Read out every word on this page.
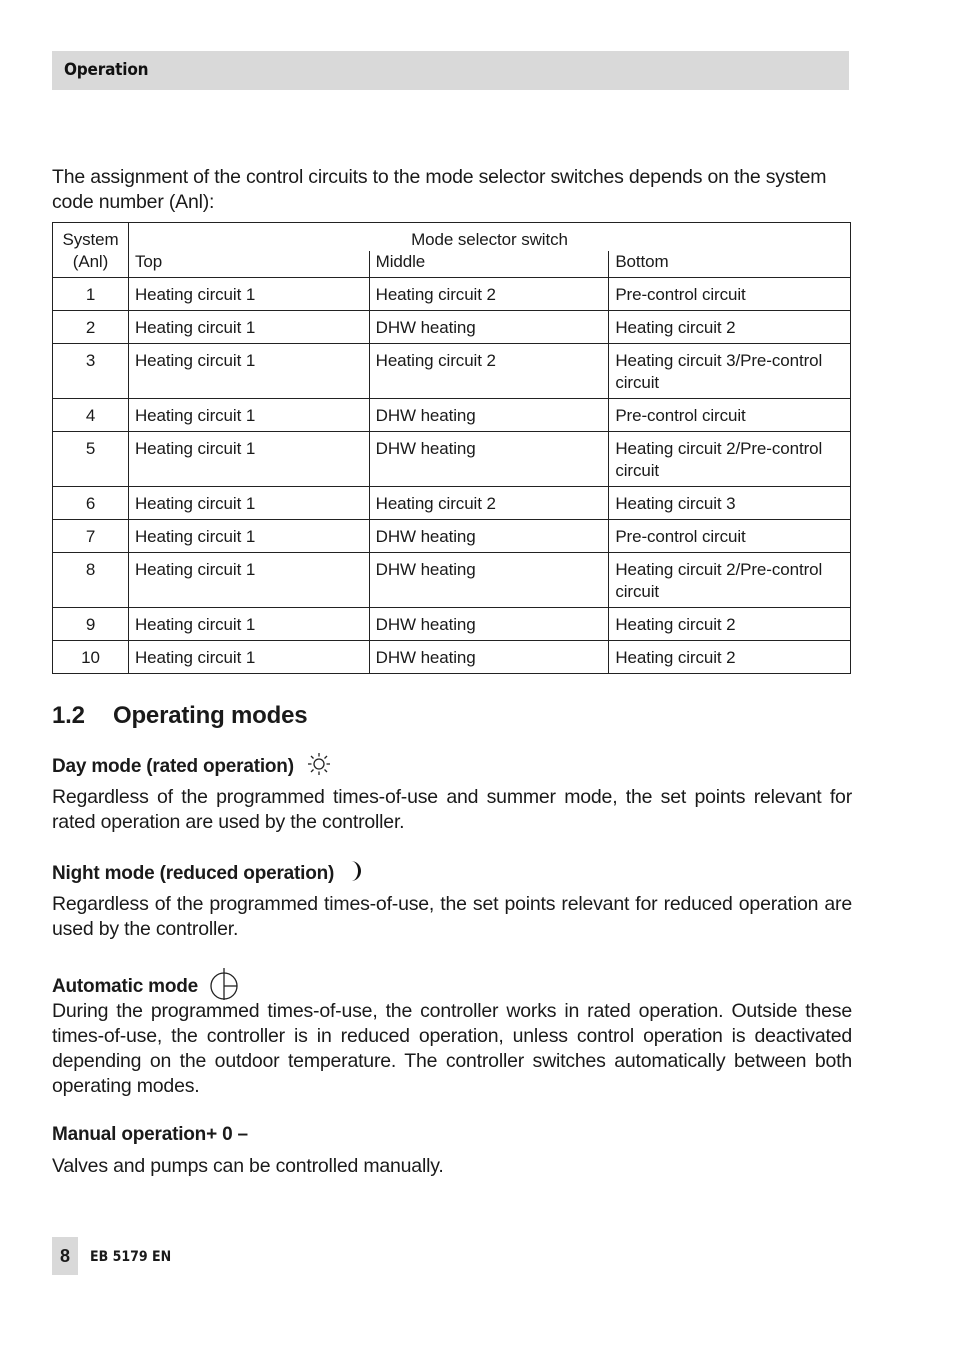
Operation
The assignment of the control circuits to the mode selector switches depends on the system code number (Anl):
System
(Anl)	Mode selector switch		
	Top	Middle	Bottom
1	Heating circuit 1	Heating circuit 2	Pre-control circuit
2	Heating circuit 1	DHW heating	Heating circuit 2
3	Heating circuit 1	Heating circuit 2	Heating circuit 3/Pre-control circuit
4	Heating circuit 1	DHW heating	Pre-control circuit
5	Heating circuit 1	DHW heating	Heating circuit 2/Pre-control circuit
6	Heating circuit 1	Heating circuit 2	Heating circuit 3
7	Heating circuit 1	DHW heating	Pre-control circuit
8	Heating circuit 1	DHW heating	Heating circuit 2/Pre-control circuit
9	Heating circuit 1	DHW heating	Heating circuit 2
10	Heating circuit 1	DHW heating	Heating circuit 2
1.2 Operating modes
Day mode (rated operation)
Regardless of the programmed times-of-use and summer mode, the set points relevant for rated operation are used by the controller.
Night mode (reduced operation)
Regardless of the programmed times-of-use, the set points relevant for reduced operation are used by the controller.
Automatic mode
During the programmed times-of-use, the controller works in rated operation. Outside these times-of-use, the controller is in reduced operation, unless control operation is deactivated depending on the outdoor temperature. The controller switches automatically between both operating modes.
Manual operation+ 0 –
Valves and pumps can be controlled manually.
8	EB 5179 EN
